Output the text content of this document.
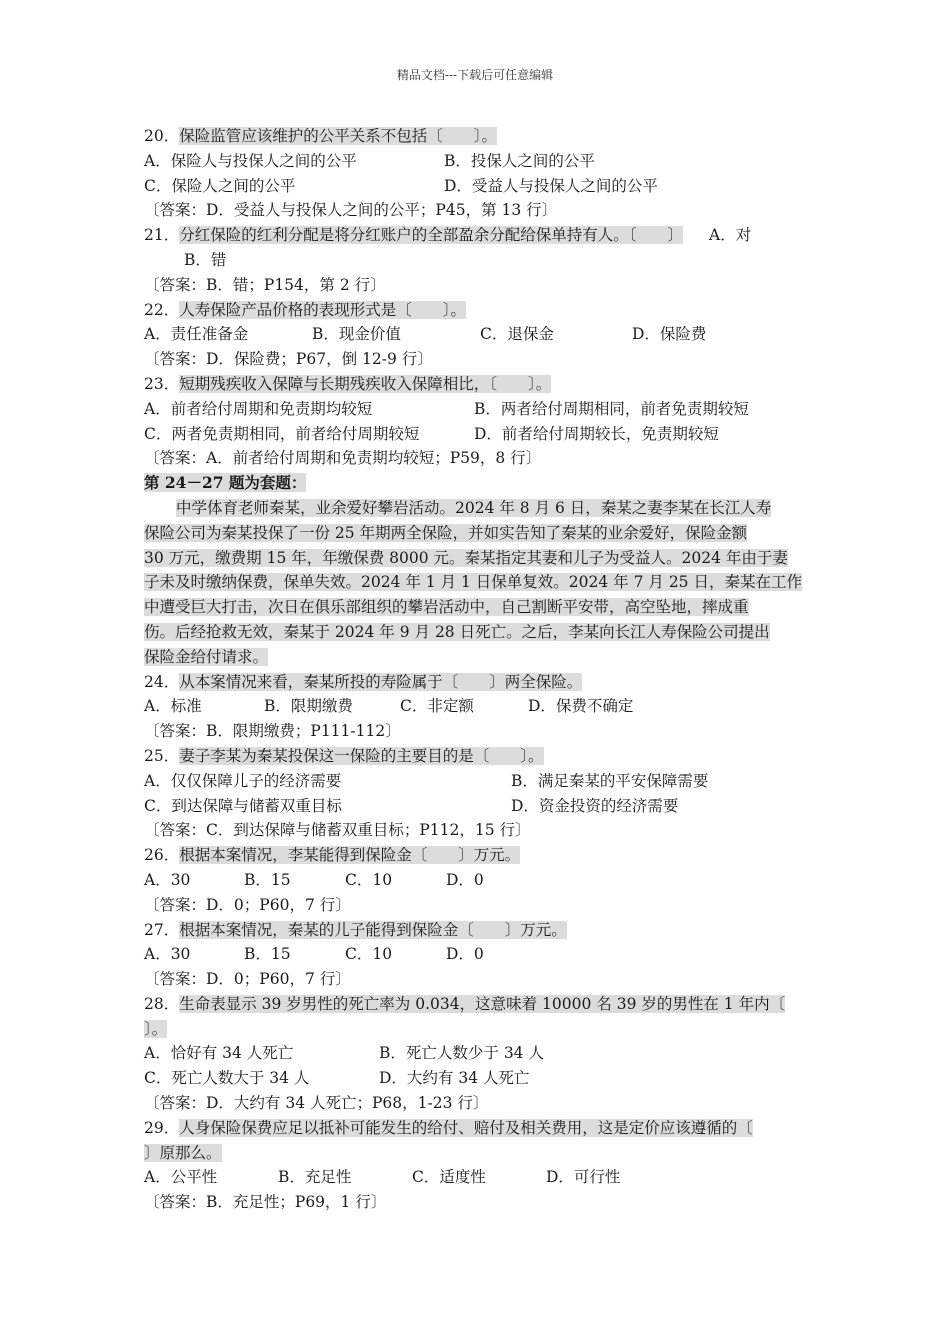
精品文档---下载后可任意编辑
20．保险监管应该维护的公平关系不包括〔　　〕。
A．保险人与投保人之间的公平	B．投保人之间的公平
C．保险人之间的公平	D．受益人与投保人之间的公平
〔答案：D．受益人与投保人之间的公平；P45，第 13 行〕
21．分红保险的红利分配是将分红账户的全部盈余分配给保单持有人。〔　　〕 A．对
B．错
〔答案：B．错；P154，第 2 行〕
22．人寿保险产品价格的表现形式是〔　　〕。
A．责任准备金	B．现金价值	C．退保金	D．保险费
〔答案：D．保险费；P67，倒 12-9 行〕
23．短期残疾收入保障与长期残疾收入保障相比，〔　　〕。
A．前者给付周期和免责期均较短	B．两者给付周期相同，前者免责期较短
C．两者免责期相同，前者给付周期较短	D．前者给付周期较长，免责期较短
〔答案：A．前者给付周期和免责期均较短；P59，8 行〕
第 24－27 题为套题：
中学体育老师秦某，业余爱好攀岩活动。2024 年 8 月 6 日，秦某之妻李某在长江人寿
保险公司为秦某投保了一份 25 年期两全保险，并如实告知了秦某的业余爱好，保险金额
30 万元，缴费期 15 年，年缴保费 8000 元。秦某指定其妻和儿子为受益人。2024 年由于妻
子未及时缴纳保费，保单失效。2024 年 1 月 1 日保单复效。2024 年 7 月 25 日，秦某在工作
中遭受巨大打击，次日在俱乐部组织的攀岩活动中，自己割断平安带，高空坠地，摔成重
伤。后经抢救无效，秦某于 2024 年 9 月 28 日死亡。之后，李某向长江人寿保险公司提出
保险金给付请求。
24．从本案情况来看，秦某所投的寿险属于〔　　〕两全保险。
A．标准	B．限期缴费	C．非定额	D．保费不确定
〔答案：B．限期缴费；P111-112〕
25．妻子李某为秦某投保这一保险的主要目的是〔　　〕。
A．仅仅保障儿子的经济需要	B．满足秦某的平安保障需要
C．到达保障与储蓄双重目标	D．资金投资的经济需要
〔答案：C．到达保障与储蓄双重目标；P112，15 行〕
26．根据本案情况，李某能得到保险金〔　　〕万元。
A．30	B．15	C．10	D．0
〔答案：D．0；P60，7 行〕
27．根据本案情况，秦某的儿子能得到保险金〔　　〕万元。
A．30	B．15	C．10	D．0
〔答案：D．0；P60，7 行〕
28．生命表显示 39 岁男性的死亡率为 0.034，这意味着 10000 名 39 岁的男性在 1 年内〔
〕。
A．恰好有 34 人死亡	B．死亡人数少于 34 人
C．死亡人数大于 34 人	D．大约有 34 人死亡
〔答案：D．大约有 34 人死亡；P68，1-23 行〕
29．人身保险保费应足以抵补可能发生的给付、赔付及相关费用，这是定价应该遵循的〔
〕原那么。
A．公平性	B．充足性	C．适度性	D．可行性
〔答案：B．充足性；P69，1 行〕
